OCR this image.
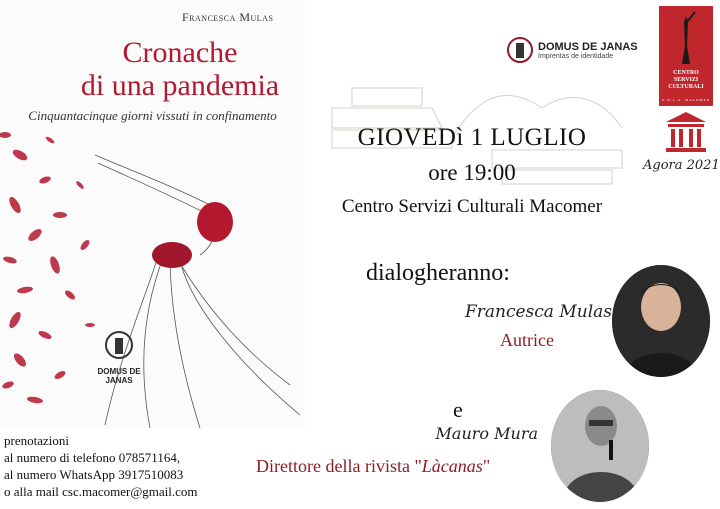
Francesca Mulas
Cronache
di una pandemia
Cinquantacinque giorni vissuti in confinamento
DOMUS DE JANAS
prenotazioni
al numero di telefono 078571164,
al numero WhatsApp 3917510083
o alla mail csc.macomer@gmail.com
DOMUS DE JANAS
Imprentas de identidade
CENTRO
SERVIZI
CULTURALI
U.N.L.A. MACOMER
Agora 2021
GIOVEDì 1 LUGLIO
ore 19:00
Centro Servizi Culturali Macomer
dialogheranno:
Francesca Mulas
Autrice
e
Mauro Mura
Direttore della rivista "Làcanas"
